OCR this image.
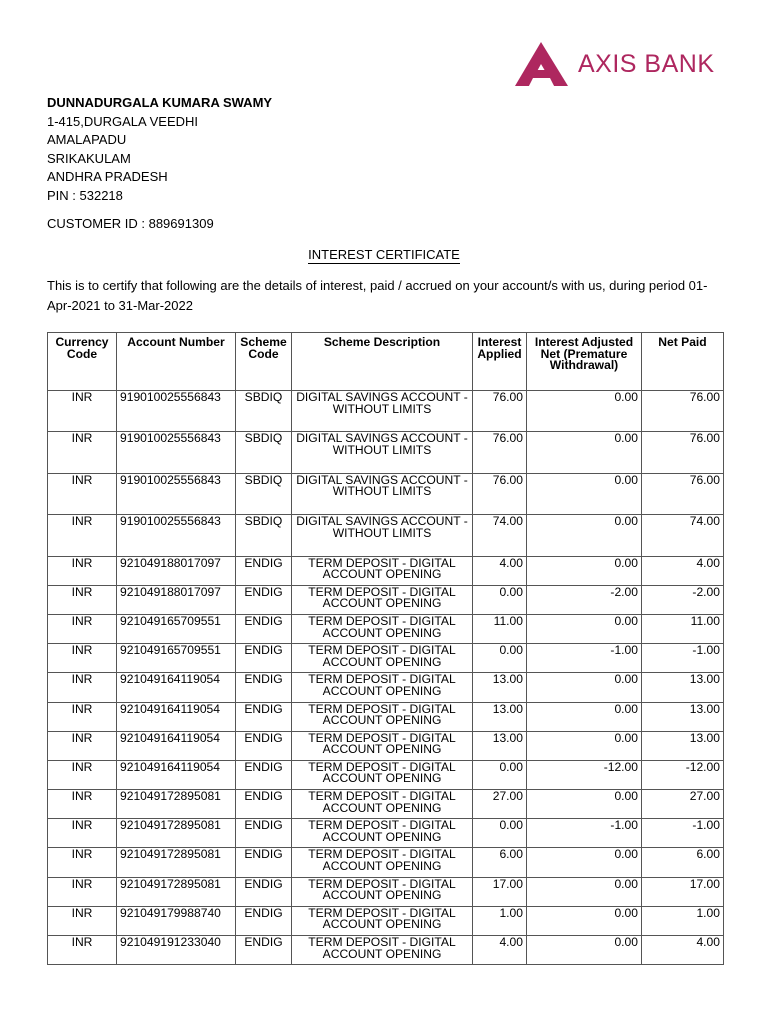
AXIS BANK
DUNNADURGALA KUMARA SWAMY
1-415,DURGALA VEEDHI
AMALAPADU
SRIKAKULAM
ANDHRA PRADESH
PIN : 532218
CUSTOMER ID : 889691309
INTEREST CERTIFICATE
This is to certify that following are the details of interest, paid / accrued on your account/s with us, during period 01-Apr-2021 to 31-Mar-2022
Currency Code	Account Number	Scheme Code	Scheme Description	Interest Applied	Interest Adjusted Net (Premature Withdrawal)	Net Paid
INR	919010025556843	SBDIQ	DIGITAL SAVINGS ACCOUNT - WITHOUT LIMITS	76.00	0.00	76.00
INR	919010025556843	SBDIQ	DIGITAL SAVINGS ACCOUNT - WITHOUT LIMITS	76.00	0.00	76.00
INR	919010025556843	SBDIQ	DIGITAL SAVINGS ACCOUNT - WITHOUT LIMITS	76.00	0.00	76.00
INR	919010025556843	SBDIQ	DIGITAL SAVINGS ACCOUNT - WITHOUT LIMITS	74.00	0.00	74.00
INR	921049188017097	ENDIG	TERM DEPOSIT - DIGITAL ACCOUNT OPENING	4.00	0.00	4.00
INR	921049188017097	ENDIG	TERM DEPOSIT - DIGITAL ACCOUNT OPENING	0.00	-2.00	-2.00
INR	921049165709551	ENDIG	TERM DEPOSIT - DIGITAL ACCOUNT OPENING	11.00	0.00	11.00
INR	921049165709551	ENDIG	TERM DEPOSIT - DIGITAL ACCOUNT OPENING	0.00	-1.00	-1.00
INR	921049164119054	ENDIG	TERM DEPOSIT - DIGITAL ACCOUNT OPENING	13.00	0.00	13.00
INR	921049164119054	ENDIG	TERM DEPOSIT - DIGITAL ACCOUNT OPENING	13.00	0.00	13.00
INR	921049164119054	ENDIG	TERM DEPOSIT - DIGITAL ACCOUNT OPENING	13.00	0.00	13.00
INR	921049164119054	ENDIG	TERM DEPOSIT - DIGITAL ACCOUNT OPENING	0.00	-12.00	-12.00
INR	921049172895081	ENDIG	TERM DEPOSIT - DIGITAL ACCOUNT OPENING	27.00	0.00	27.00
INR	921049172895081	ENDIG	TERM DEPOSIT - DIGITAL ACCOUNT OPENING	0.00	-1.00	-1.00
INR	921049172895081	ENDIG	TERM DEPOSIT - DIGITAL ACCOUNT OPENING	6.00	0.00	6.00
INR	921049172895081	ENDIG	TERM DEPOSIT - DIGITAL ACCOUNT OPENING	17.00	0.00	17.00
INR	921049179988740	ENDIG	TERM DEPOSIT - DIGITAL ACCOUNT OPENING	1.00	0.00	1.00
INR	921049191233040	ENDIG	TERM DEPOSIT - DIGITAL ACCOUNT OPENING	4.00	0.00	4.00
